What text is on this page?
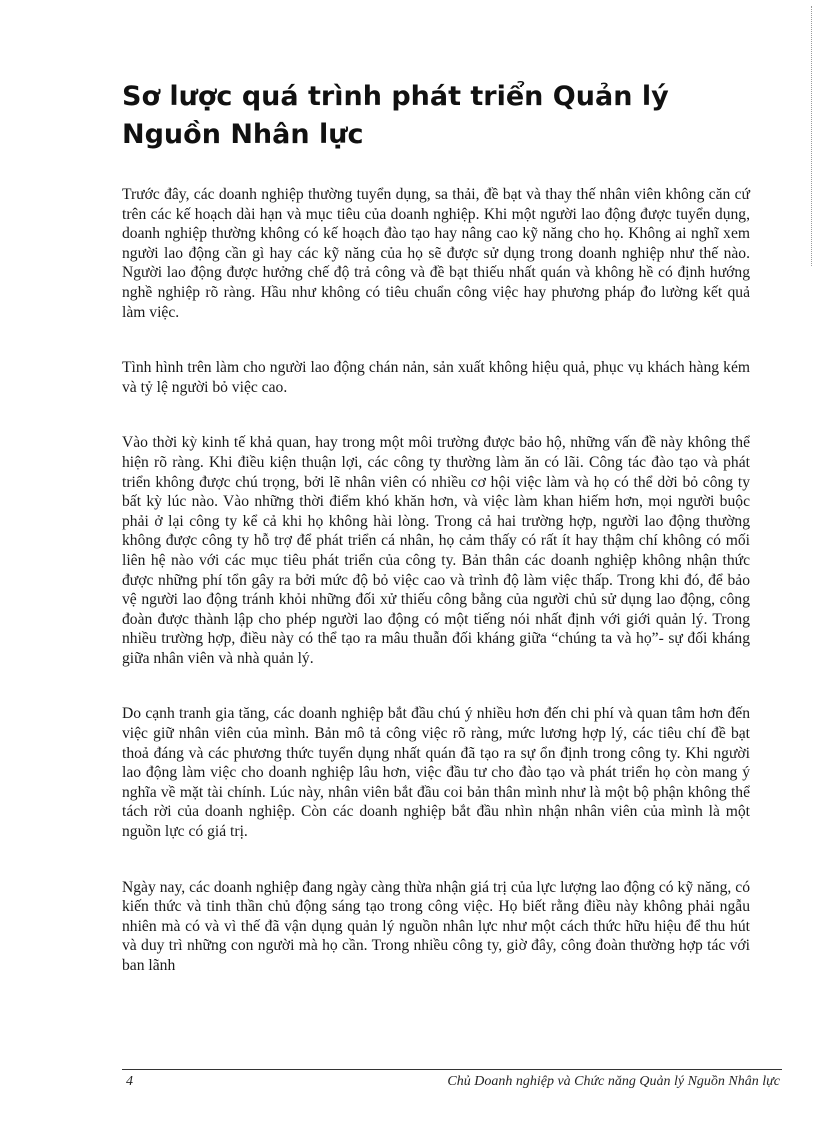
Sơ lược quá trình phát triển Quản lý Nguồn Nhân lực

Trước đây, các doanh nghiệp thường tuyển dụng, sa thải, đề bạt và thay thế nhân viên không căn cứ trên các kế hoạch dài hạn và mục tiêu của doanh nghiệp. Khi một người lao động được tuyển dụng, doanh nghiệp thường không có kế hoạch đào tạo hay nâng cao kỹ năng cho họ. Không ai nghĩ xem người lao động cần gì hay các kỹ năng của họ sẽ được sử dụng trong doanh nghiệp như thế nào. Người lao động được hưởng chế độ trả công và đề bạt thiếu nhất quán và không hề có định hướng nghề nghiệp rõ ràng. Hầu như không có tiêu chuẩn công việc hay phương pháp đo lường kết quả làm việc.

Tình hình trên làm cho người lao động chán nản, sản xuất không hiệu quả, phục vụ khách hàng kém và tỷ lệ người bỏ việc cao.

Vào thời kỳ kinh tế khả quan, hay trong một môi trường được bảo hộ, những vấn đề này không thể hiện rõ ràng. Khi điều kiện thuận lợi, các công ty thường làm ăn có lãi. Công tác đào tạo và phát triển không được chú trọng, bởi lẽ nhân viên có nhiều cơ hội việc làm và họ có thể dời bỏ công ty bất kỳ lúc nào. Vào những thời điểm khó khăn hơn, và việc làm khan hiếm hơn, mọi người buộc phải ở lại công ty kể cả khi họ không hài lòng. Trong cả hai trường hợp, người lao động thường không được công ty hỗ trợ để phát triển cá nhân, họ cảm thấy có rất ít hay thậm chí không có mối liên hệ nào với các mục tiêu phát triển của công ty. Bản thân các doanh nghiệp không nhận thức được những phí tổn gây ra bởi mức độ bỏ việc cao và trình độ làm việc thấp. Trong khi đó, để bảo vệ người lao động tránh khỏi những đối xử thiếu công bằng của người chủ sử dụng lao động, công đoàn được thành lập cho phép người lao động có một tiếng nói nhất định với giới quản lý. Trong nhiều trường hợp, điều này có thể tạo ra mâu thuẫn đối kháng giữa “chúng ta và họ”- sự đối kháng giữa nhân viên và nhà quản lý.

Do cạnh tranh gia tăng, các doanh nghiệp bắt đầu chú ý nhiều hơn đến chi phí và quan tâm hơn đến việc giữ nhân viên của mình. Bản mô tả công việc rõ ràng, mức lương hợp lý, các tiêu chí đề bạt thoả đáng và các phương thức tuyển dụng nhất quán đã tạo ra sự ổn định trong công ty. Khi người lao động làm việc cho doanh nghiệp lâu hơn, việc đầu tư cho đào tạo và phát triển họ còn mang ý nghĩa về mặt tài chính. Lúc này, nhân viên bắt đầu coi bản thân mình như là một bộ phận không thể tách rời của doanh nghiệp. Còn các doanh nghiệp bắt đầu nhìn nhận nhân viên của mình là một nguồn lực có giá trị.

Ngày nay, các doanh nghiệp đang ngày càng thừa nhận giá trị của lực lượng lao động có kỹ năng, có kiến thức và tinh thần chủ động sáng tạo trong công việc. Họ biết rằng điều này không phải ngẫu nhiên mà có và vì thế đã vận dụng quản lý nguồn nhân lực như một cách thức hữu hiệu để thu hút và duy trì những con người mà họ cần. Trong nhiều công ty, giờ đây, công đoàn thường hợp tác với ban lãnh

4	Chủ Doanh nghiệp và Chức năng Quản lý Nguồn Nhân lực
